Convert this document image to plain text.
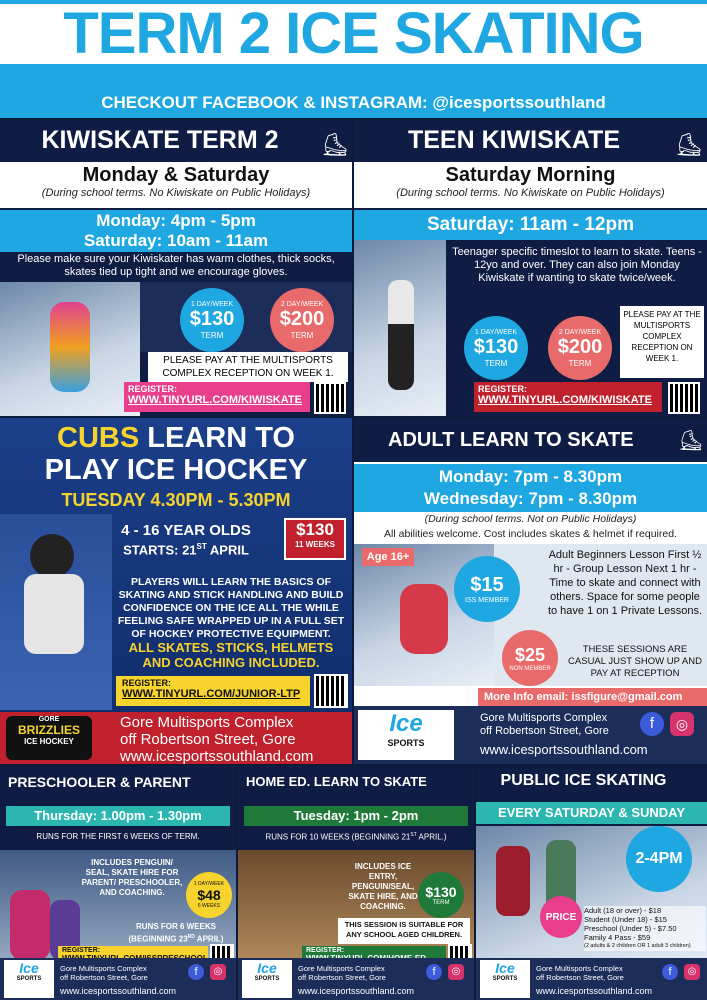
TERM 2 ICE SKATING
CHECKOUT FACEBOOK & INSTAGRAM: @icesportssouthland
KIWISKATE TERM 2	⛸
Monday & Saturday
(During school terms. No Kiwiskate on Public Holidays)
Monday: 4pm - 5pm
Saturday: 10am - 11am
Please make sure your Kiwiskater has warm clothes, thick socks, skates tied up tight and we encourage gloves.
1 DAY/WEEK
$130
TERM
2 DAY/WEEK
$200
TERM
PLEASE PAY AT THE MULTISPORTS COMPLEX RECEPTION ON WEEK 1.
REGISTER:
WWW.TINYURL.COM/KIWISKATE
TEEN KIWISKATE	⛸
Saturday Morning
(During school terms. No Kiwiskate on Public Holidays)
Saturday: 11am - 12pm
Teenager specific timeslot to learn to skate. Teens - 12yo and over. They can also join Monday Kiwiskate if wanting to skate twice/week.
1 DAY/WEEK
$130
TERM
2 DAY/WEEK
$200
TERM
PLEASE PAY AT THE MULTISPORTS COMPLEX RECEPTION ON WEEK 1.
REGISTER:
WWW.TINYURL.COM/KIWISKATE
CUBS LEARN TO
PLAY ICE HOCKEY
TUESDAY 4.30PM - 5.30PM
4 - 16 YEAR OLDS
STARTS: 21ST APRIL
$130
11 WEEKS
PLAYERS WILL LEARN THE BASICS OF SKATING AND STICK HANDLING AND BUILD CONFIDENCE ON THE ICE ALL THE WHILE FEELING SAFE WRAPPED UP IN A FULL SET OF HOCKEY PROTECTIVE EQUIPMENT.
ALL SKATES, STICKS, HELMETS AND COACHING INCLUDED.
REGISTER:
WWW.TINYURL.COM/JUNIOR-LTP
GORE
BRIZZLIES
ICE HOCKEY
Gore Multisports Complex
off Robertson Street, Gore
www.icesportssouthland.com
ADULT LEARN TO SKATE	⛸
Monday: 7pm - 8.30pm
Wednesday: 7pm - 8.30pm
(During school terms. Not on Public Holidays)
All abilities welcome. Cost includes skates & helmet if required.
Age 16+
$15
ISS MEMBER
$25
NON MEMBER
Adult Beginners Lesson First ½ hr - Group Lesson Next 1 hr - Time to skate and connect with others. Space for some people to have 1 on 1 Private Lessons.
THESE SESSIONS ARE CASUAL JUST SHOW UP AND PAY AT RECEPTION
More Info email: issfigure@gmail.com
Ice
SPORTS
Gore Multisports Complex
off Robertson Street, Gore	f	◎
www.icesportssouthland.com
PRESCHOOLER & PARENT
Thursday: 1.00pm - 1.30pm
RUNS FOR THE FIRST 6 WEEKS OF TERM.
INCLUDES PENGUIN/ SEAL, SKATE HIRE FOR PARENT/ PRESCHOOLER, AND COACHING.
1 DAY/WEEK
$48
6 WEEKS
RUNS FOR 6 WEEKS (BEGINNING 23RD APRIL)
REGISTER:
HOME ED. LEARN TO SKATE
Tuesday: 1pm - 2pm
RUNS FOR 10 WEEKS (BEGINNING 21ST APRIL.)
INCLUDES ICE ENTRY, PENGUIN/SEAL, SKATE HIRE, AND COACHING.
$130
TERM
THIS SESSION IS SUITABLE FOR ANY SCHOOL AGED CHILDREN.
REGISTER:
PUBLIC ICE SKATING
EVERY SATURDAY & SUNDAY
2-4PM
PRICE
Adult (18 or over) - $18
Student (Under 18) - $15
Preschool (Under 5) - $7.50
Family 4 Pass - $59
(2 adults & 2 children OR 1 adult 3 children)
Ice
SPORTS
Gore Multisports Complex
off Robertson Street, Gore	f	◎
www.icesportssouthland.com
Ice
SPORTS
Gore Multisports Complex
off Robertson Street, Gore	f	◎
www.icesportssouthland.com
Ice
SPORTS
Gore Multisports Complex
off Robertson Street, Gore	f	◎
www.icesportssouthland.com
